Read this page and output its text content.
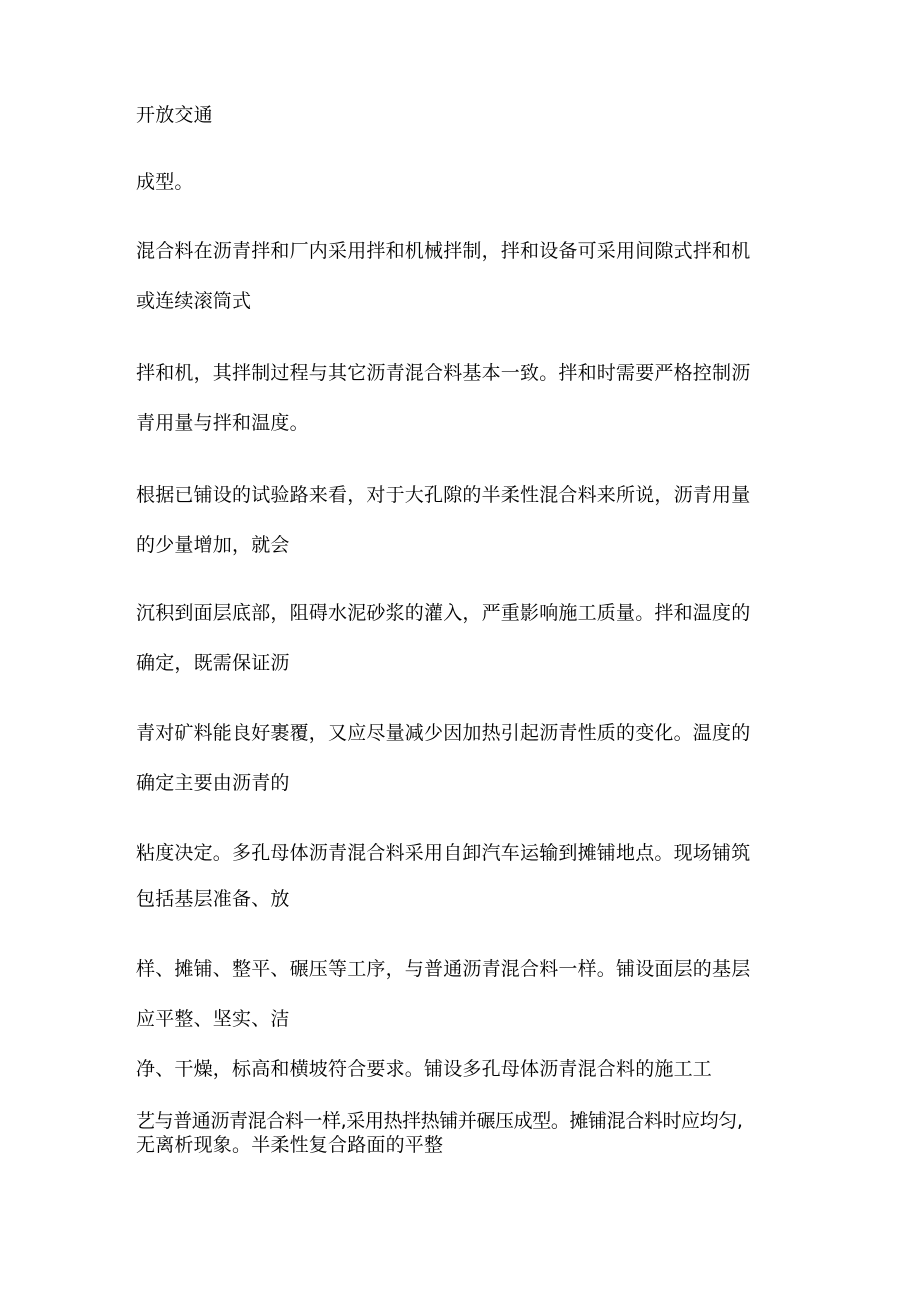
开放交通

成型。

混合料在沥青拌和厂内采用拌和机械拌制，拌和设备可采用间隙式拌和机

或连续滚筒式

拌和机，其拌制过程与其它沥青混合料基本一致。拌和时需要严格控制沥

青用量与拌和温度。

根据已铺设的试验路来看，对于大孔隙的半柔性混合料来所说，沥青用量

的少量增加，就会

沉积到面层底部，阻碍水泥砂浆的灌入，严重影响施工质量。拌和温度的

确定，既需保证沥

青对矿料能良好裹覆，又应尽量减少因加热引起沥青性质的变化。温度的

确定主要由沥青的

粘度决定。多孔母体沥青混合料采用自卸汽车运输到摊铺地点。现场铺筑

包括基层准备、放

样、摊铺、整平、碾压等工序，与普通沥青混合料一样。铺设面层的基层

应平整、坚实、洁

净、干燥，标高和横坡符合要求。铺设多孔母体沥青混合料的施工工

艺与普通沥青混合料一样,采用热拌热铺并碾压成型。摊铺混合料时应均匀,

无离析现象。半柔性复合路面的平整
